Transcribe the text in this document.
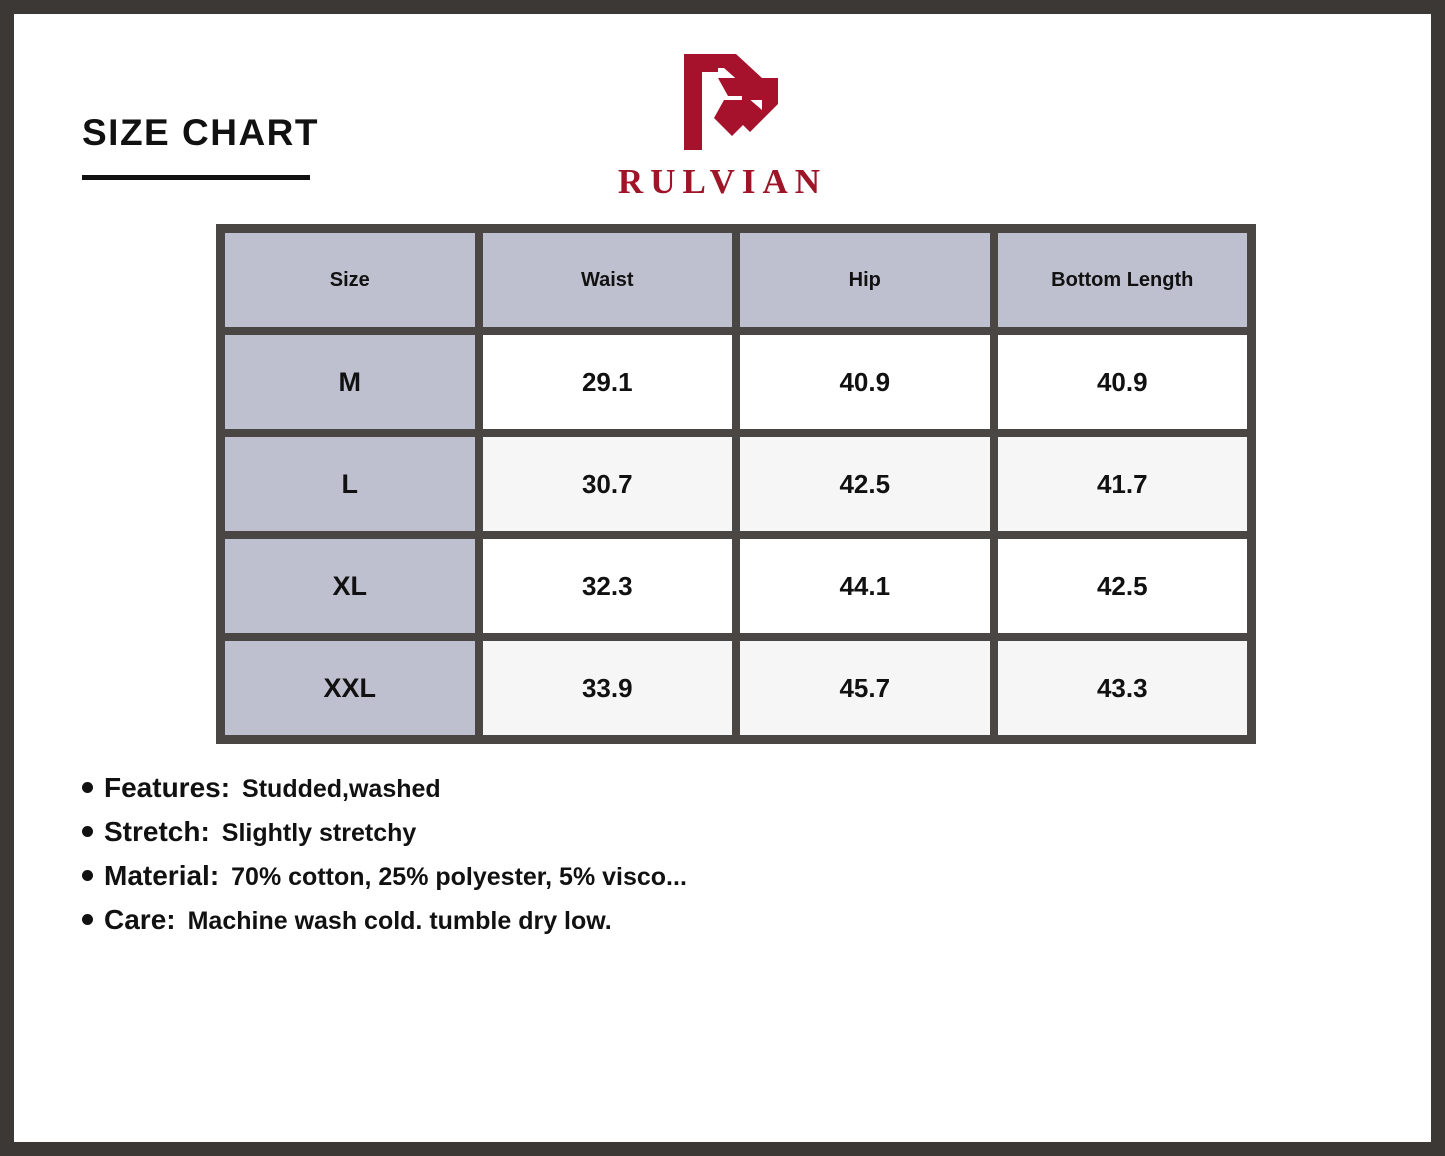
SIZE CHART
RULVIAN
Size	Waist	Hip	Bottom Length
M	29.1	40.9	40.9
L	30.7	42.5	41.7
XL	32.3	44.1	42.5
XXL	33.9	45.7	43.3
Features: Studded,washed
Stretch: Slightly stretchy
Material: 70% cotton, 25% polyester, 5% visco...
Care: Machine wash cold. tumble dry low.
